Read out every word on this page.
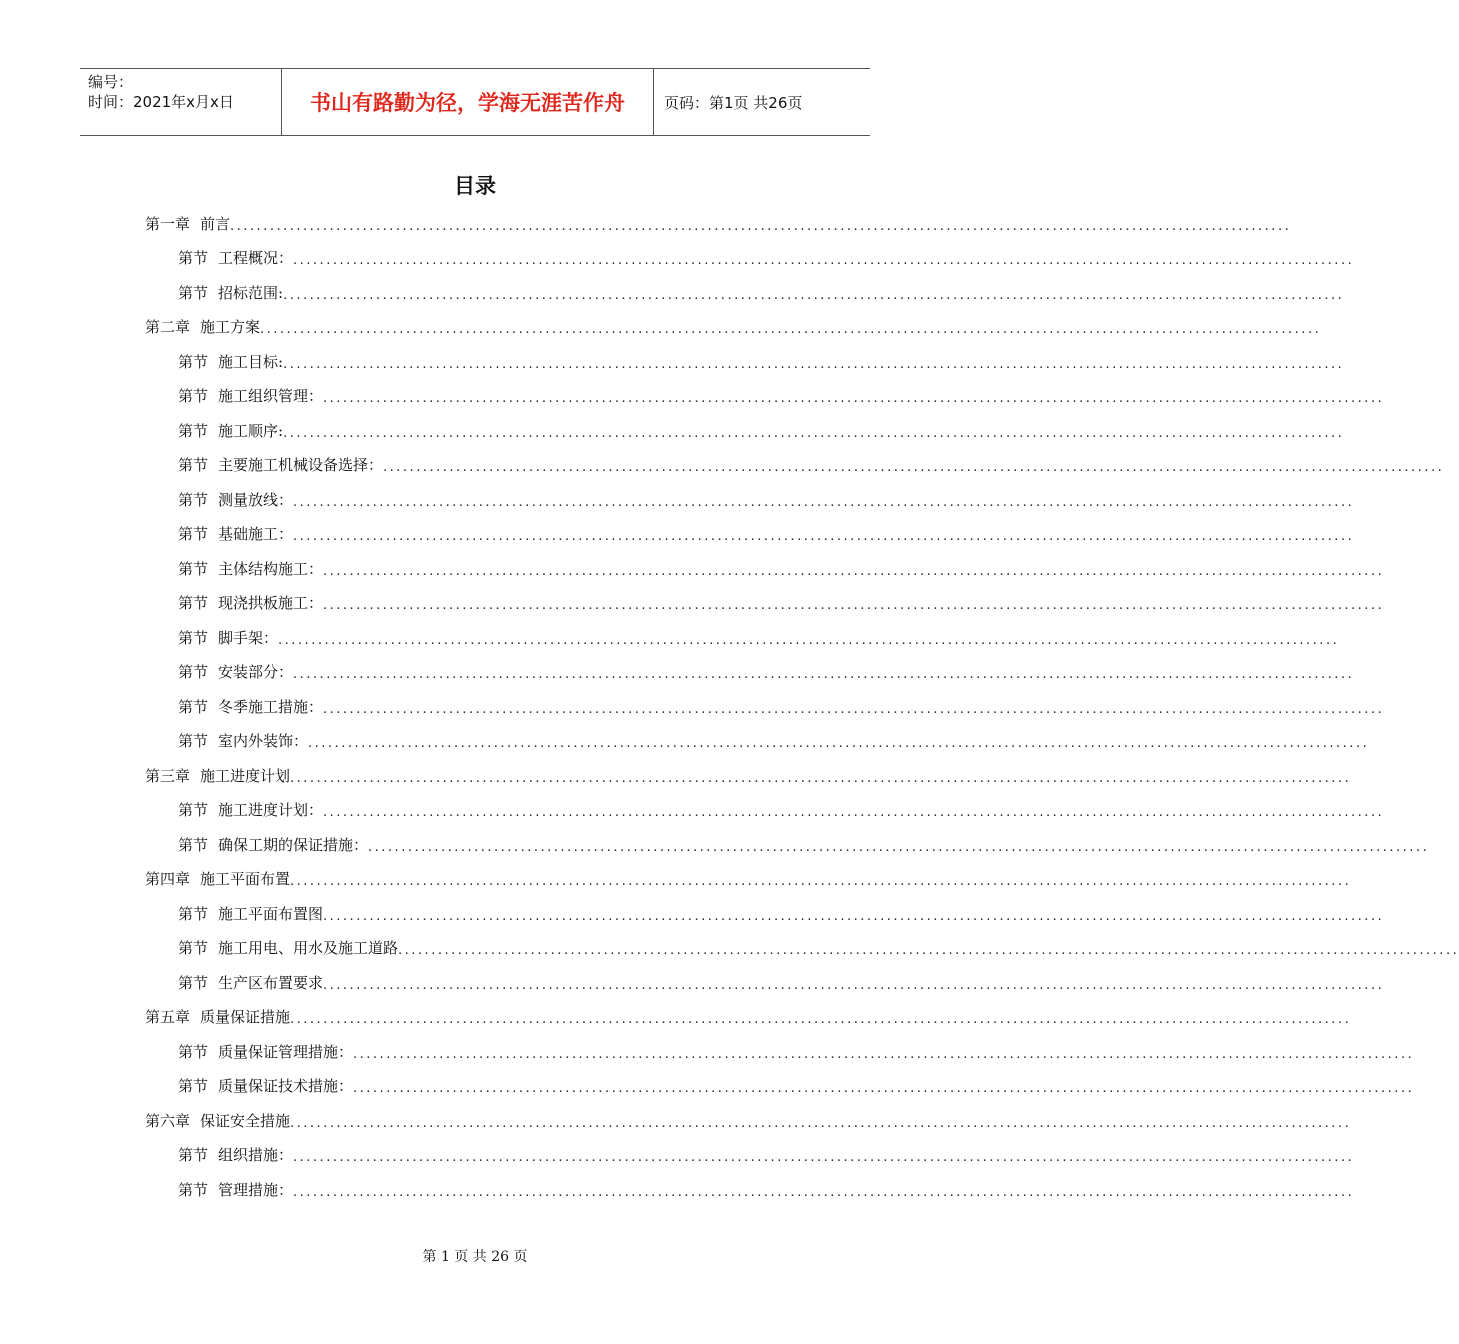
编号：
时间：2021年x月x日	书山有路勤为径，学海无涯苦作舟	页码：第1页 共26页
目录
第一章 前言 ................................................................................................................................................................
第节 工程概况： ................................................................................................................................................................
第节 招标范围: ................................................................................................................................................................
第二章 施工方案 ................................................................................................................................................................
第节 施工目标: ................................................................................................................................................................
第节 施工组织管理： ................................................................................................................................................................
第节 施工顺序: ................................................................................................................................................................
第节 主要施工机械设备选择： ................................................................................................................................................................
第节 测量放线： ................................................................................................................................................................
第节 基础施工： ................................................................................................................................................................
第节 主体结构施工： ................................................................................................................................................................
第节 现浇拱板施工： ................................................................................................................................................................
第节 脚手架： ................................................................................................................................................................
第节 安装部分： ................................................................................................................................................................
第节 冬季施工措施： ................................................................................................................................................................
第节 室内外装饰： ................................................................................................................................................................
第三章 施工进度计划 ................................................................................................................................................................
第节 施工进度计划： ................................................................................................................................................................
第节 确保工期的保证措施： ................................................................................................................................................................
第四章 施工平面布置 ................................................................................................................................................................
第节 施工平面布置图 ................................................................................................................................................................
第节 施工用电、用水及施工道路 ................................................................................................................................................................
第节 生产区布置要求 ................................................................................................................................................................
第五章 质量保证措施 ................................................................................................................................................................
第节 质量保证管理措施： ................................................................................................................................................................
第节 质量保证技术措施： ................................................................................................................................................................
第六章 保证安全措施 ................................................................................................................................................................
第节 组织措施： ................................................................................................................................................................
第节 管理措施： ................................................................................................................................................................
第 1 页 共 26 页
